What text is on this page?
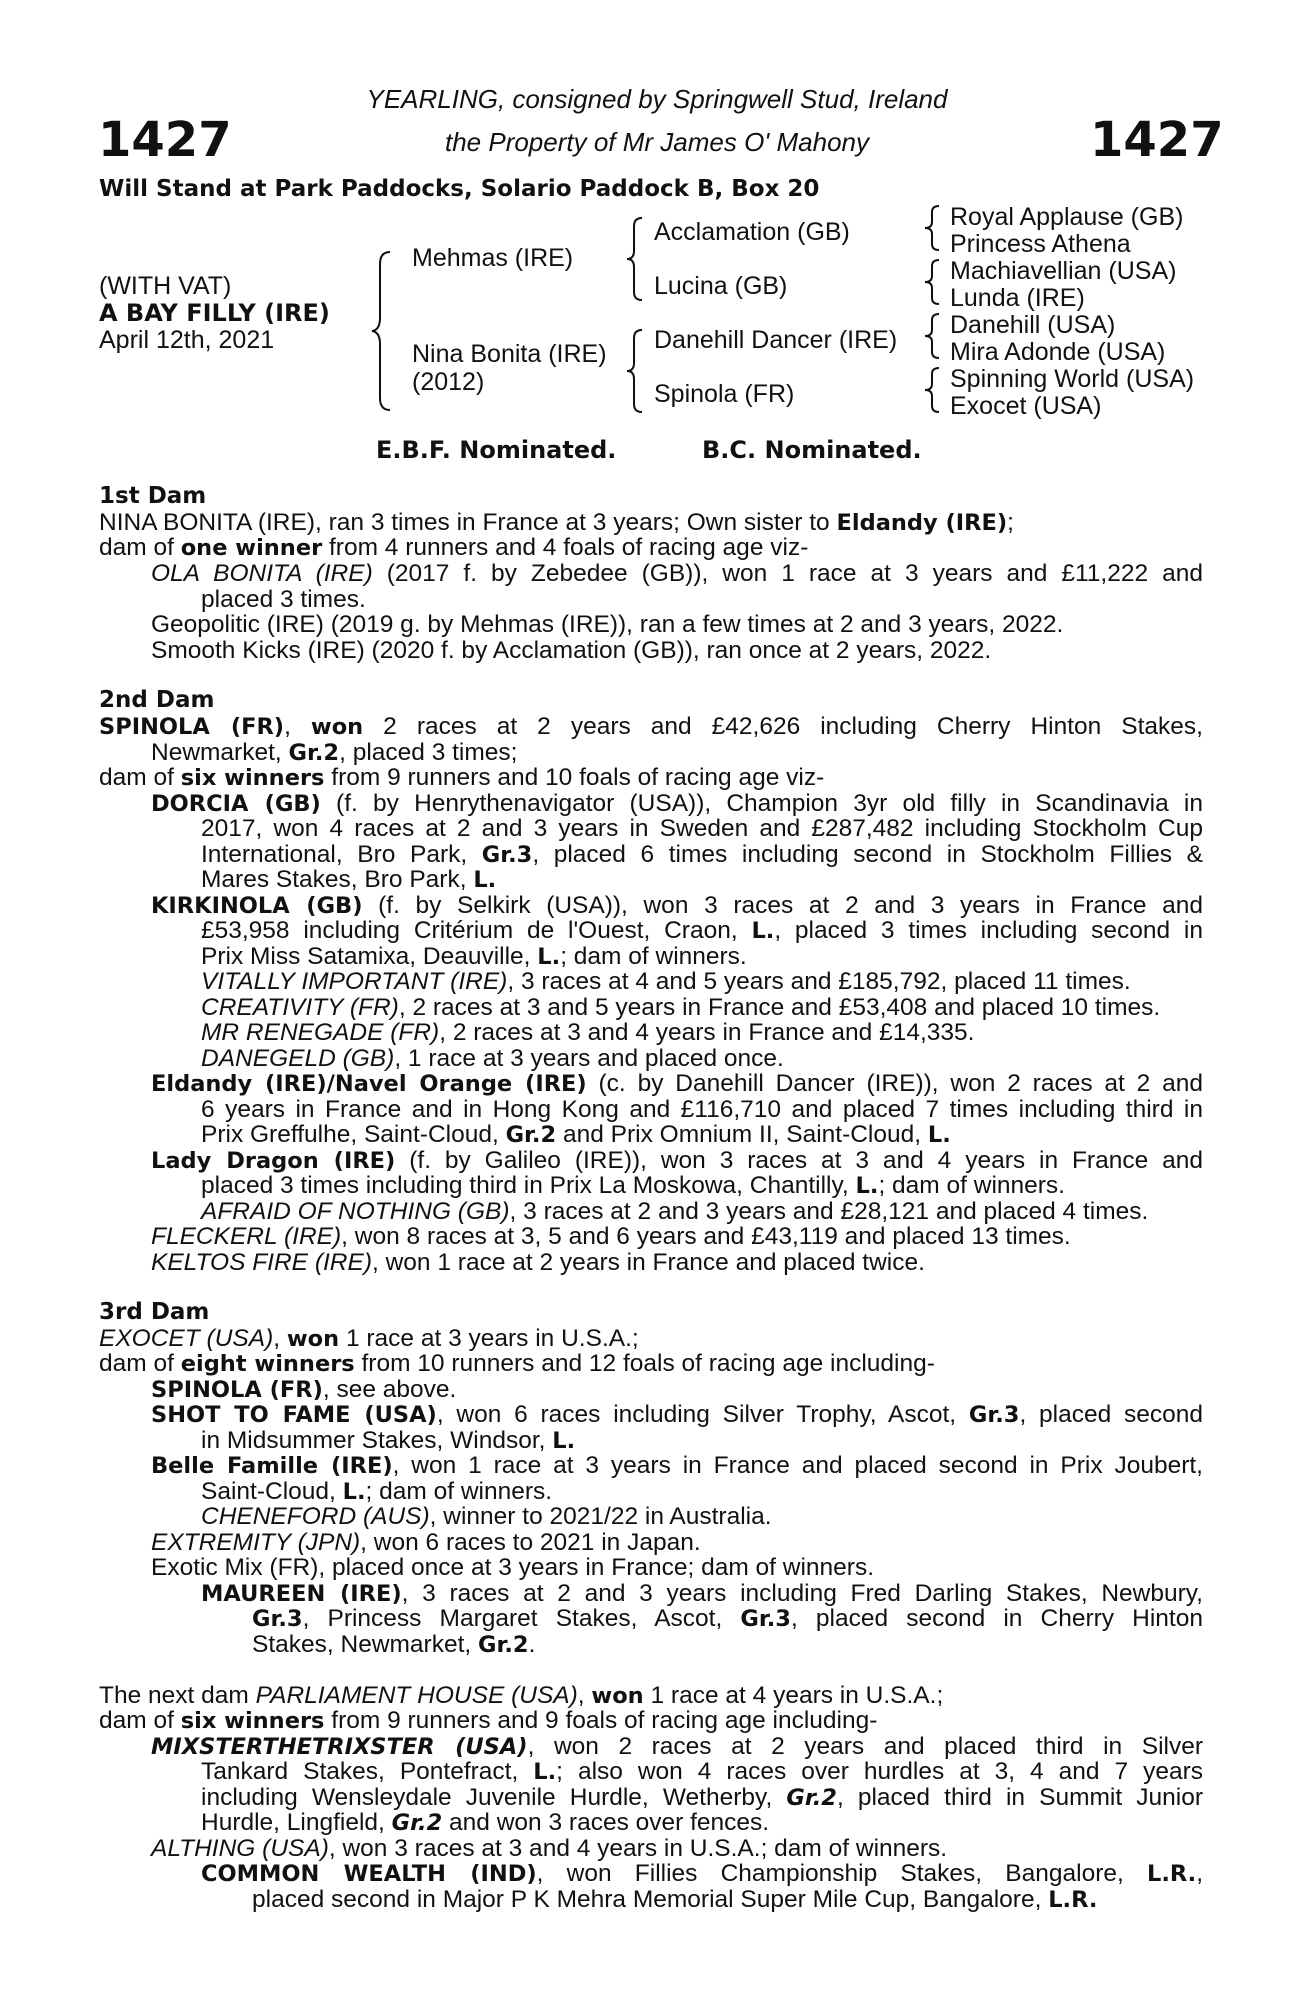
YEARLING, consigned by Springwell Stud, Ireland
the Property of Mr James O' Mahony
1427	1427
Will Stand at Park Paddocks, Solario Paddock B, Box 20
(WITH VAT)
A BAY FILLY (IRE)
April 12th, 2021
Mehmas (IRE)
Nina Bonita (IRE)
(2012)
Acclamation (GB)
Lucina (GB)
Danehill Dancer (IRE)
Spinola (FR)
Royal Applause (GB)
Princess Athena
Machiavellian (USA)
Lunda (IRE)
Danehill (USA)
Mira Adonde (USA)
Spinning World (USA)
Exocet (USA)
E.B.F. Nominated.	B.C. Nominated.
1st Dam
NINA BONITA (IRE), ran 3 times in France at 3 years; Own sister to Eldandy (IRE);
dam of one winner from 4 runners and 4 foals of racing age viz-
OLA BONITA (IRE) (2017 f. by Zebedee (GB)), won 1 race at 3 years and £11,222 and
placed 3 times.
Geopolitic (IRE) (2019 g. by Mehmas (IRE)), ran a few times at 2 and 3 years, 2022.
Smooth Kicks (IRE) (2020 f. by Acclamation (GB)), ran once at 2 years, 2022.
2nd Dam
SPINOLA (FR), won 2 races at 2 years and £42,626 including Cherry Hinton Stakes,
Newmarket, Gr.2, placed 3 times;
dam of six winners from 9 runners and 10 foals of racing age viz-
DORCIA (GB) (f. by Henrythenavigator (USA)), Champion 3yr old filly in Scandinavia in
2017, won 4 races at 2 and 3 years in Sweden and £287,482 including Stockholm Cup
International, Bro Park, Gr.3, placed 6 times including second in Stockholm Fillies &
Mares Stakes, Bro Park, L.
KIRKINOLA (GB) (f. by Selkirk (USA)), won 3 races at 2 and 3 years in France and
£53,958 including Critérium de l'Ouest, Craon, L., placed 3 times including second in
Prix Miss Satamixa, Deauville, L.; dam of winners.
VITALLY IMPORTANT (IRE), 3 races at 4 and 5 years and £185,792, placed 11 times.
CREATIVITY (FR), 2 races at 3 and 5 years in France and £53,408 and placed 10 times.
MR RENEGADE (FR), 2 races at 3 and 4 years in France and £14,335.
DANEGELD (GB), 1 race at 3 years and placed once.
Eldandy (IRE)/Navel Orange (IRE) (c. by Danehill Dancer (IRE)), won 2 races at 2 and
6 years in France and in Hong Kong and £116,710 and placed 7 times including third in
Prix Greffulhe, Saint-Cloud, Gr.2 and Prix Omnium II, Saint-Cloud, L.
Lady Dragon (IRE) (f. by Galileo (IRE)), won 3 races at 3 and 4 years in France and
placed 3 times including third in Prix La Moskowa, Chantilly, L.; dam of winners.
AFRAID OF NOTHING (GB), 3 races at 2 and 3 years and £28,121 and placed 4 times.
FLECKERL (IRE), won 8 races at 3, 5 and 6 years and £43,119 and placed 13 times.
KELTOS FIRE (IRE), won 1 race at 2 years in France and placed twice.
3rd Dam
EXOCET (USA), won 1 race at 3 years in U.S.A.;
dam of eight winners from 10 runners and 12 foals of racing age including-
SPINOLA (FR), see above.
SHOT TO FAME (USA), won 6 races including Silver Trophy, Ascot, Gr.3, placed second
in Midsummer Stakes, Windsor, L.
Belle Famille (IRE), won 1 race at 3 years in France and placed second in Prix Joubert,
Saint-Cloud, L.; dam of winners.
CHENEFORD (AUS), winner to 2021/22 in Australia.
EXTREMITY (JPN), won 6 races to 2021 in Japan.
Exotic Mix (FR), placed once at 3 years in France; dam of winners.
MAUREEN (IRE), 3 races at 2 and 3 years including Fred Darling Stakes, Newbury,
Gr.3, Princess Margaret Stakes, Ascot, Gr.3, placed second in Cherry Hinton
Stakes, Newmarket, Gr.2.
The next dam PARLIAMENT HOUSE (USA), won 1 race at 4 years in U.S.A.;
dam of six winners from 9 runners and 9 foals of racing age including-
MIXSTERTHETRIXSTER (USA), won 2 races at 2 years and placed third in Silver
Tankard Stakes, Pontefract, L.; also won 4 races over hurdles at 3, 4 and 7 years
including Wensleydale Juvenile Hurdle, Wetherby, Gr.2, placed third in Summit Junior
Hurdle, Lingfield, Gr.2 and won 3 races over fences.
ALTHING (USA), won 3 races at 3 and 4 years in U.S.A.; dam of winners.
COMMON WEALTH (IND), won Fillies Championship Stakes, Bangalore, L.R.,
placed second in Major P K Mehra Memorial Super Mile Cup, Bangalore, L.R.
